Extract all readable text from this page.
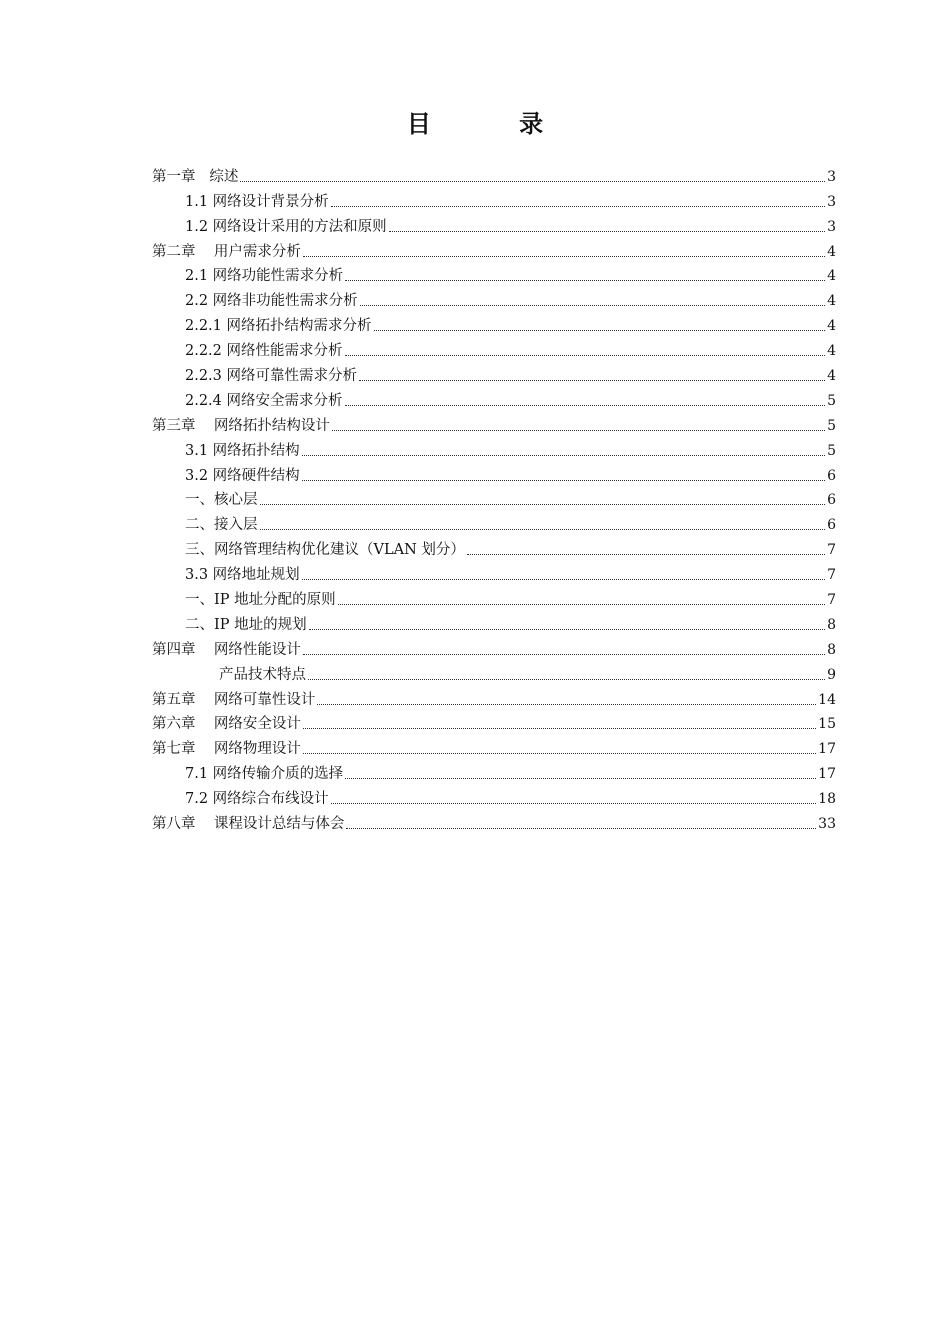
目 录
第一章   综述	3
1.1 网络设计背景分析	3
1.2 网络设计采用的方法和原则	3
第二章    用户需求分析	4
2.1 网络功能性需求分析	4
2.2 网络非功能性需求分析	4
2.2.1 网络拓扑结构需求分析	4
2.2.2 网络性能需求分析	4
2.2.3 网络可靠性需求分析	4
2.2.4 网络安全需求分析	5
第三章    网络拓扑结构设计	5
3.1 网络拓扑结构	5
3.2 网络硬件结构	6
一、核心层	6
二、接入层	6
三、网络管理结构优化建议（VLAN 划分）	7
3.3 网络地址规划	7
一、IP 地址分配的原则	7
二、IP 地址的规划	8
第四章    网络性能设计	8
产品技术特点	9
第五章    网络可靠性设计	14
第六章    网络安全设计	15
第七章    网络物理设计	17
7.1 网络传输介质的选择	17
7.2 网络综合布线设计	18
第八章    课程设计总结与体会	33
